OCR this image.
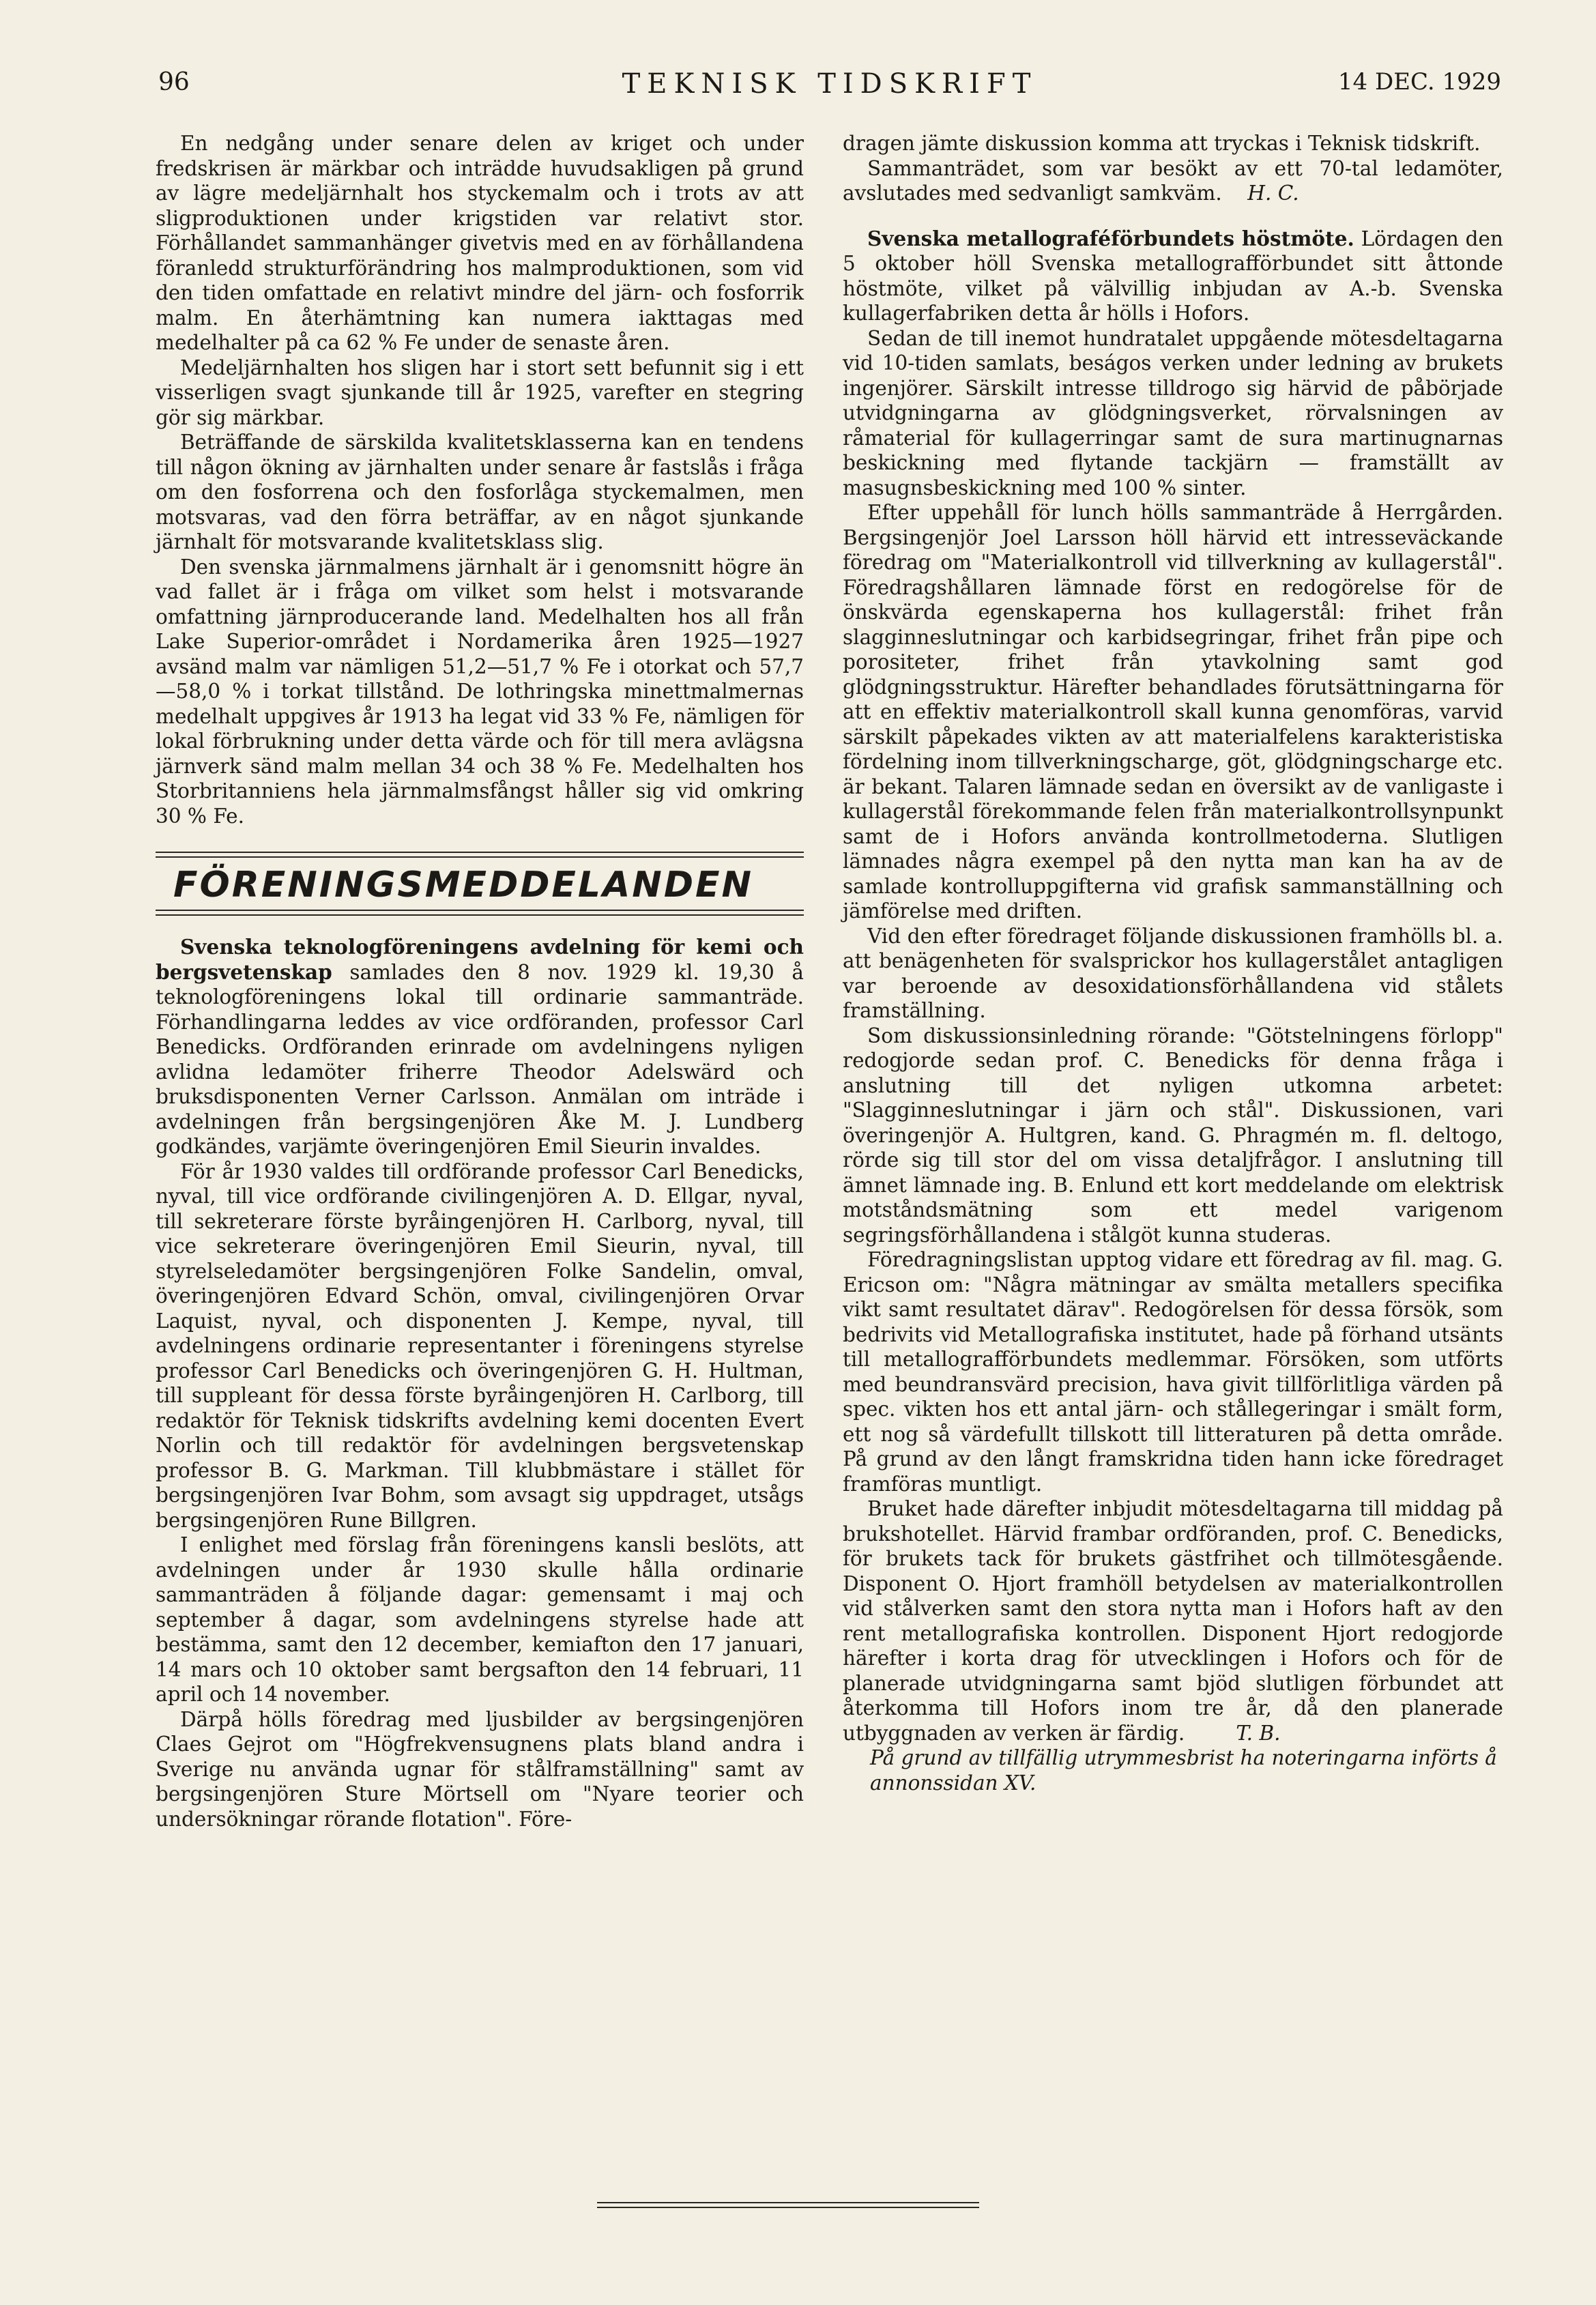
96	TEKNISK TIDSKRIFT	14 DEC. 1929

En nedgång under senare delen av kriget och under fredskrisen är märkbar och inträdde huvudsakligen på grund av lägre medeljärnhalt hos styckemalm och i trots av att sligproduktionen under krigstiden var relativt stor. Förhållandet sammanhänger givetvis med en av förhållandena föranledd strukturförändring hos malmproduktionen, som vid den tiden omfattade en relativt mindre del järn- och fosforrik malm. En återhämtning kan numera iakttagas med medelhalter på ca 62 % Fe under de senaste åren.

Medeljärnhalten hos sligen har i stort sett befunnit sig i ett visserligen svagt sjunkande till år 1925, varefter en stegring gör sig märkbar.

Beträffande de särskilda kvalitetsklasserna kan en tendens till någon ökning av järnhalten under senare år fastslås i fråga om den fosforrena och den fosforlåga styckemalmen, men motsvaras, vad den förra beträffar, av en något sjunkande järnhalt för motsvarande kvalitetsklass slig.

Den svenska järnmalmens järnhalt är i genomsnitt högre än vad fallet är i fråga om vilket som helst i motsvarande omfattning järnproducerande land. Medelhalten hos all från Lake Superior-området i Nordamerika åren 1925—1927 avsänd malm var nämligen 51,2—51,7 % Fe i otorkat och 57,7—58,0 % i torkat tillstånd. De lothringska minettmalmernas medelhalt uppgives år 1913 ha legat vid 33 % Fe, nämligen för lokal förbrukning under detta värde och för till mera avlägsna järnverk sänd malm mellan 34 och 38 % Fe. Medelhalten hos Storbritanniens hela järnmalmsfångst håller sig vid omkring 30 % Fe.

FÖRENINGSMEDDELANDEN

Svenska teknologföreningens avdelning för kemi och bergsvetenskap samlades den 8 nov. 1929 kl. 19,30 å teknologföreningens lokal till ordinarie sammanträde. Förhandlingarna leddes av vice ordföranden, professor Carl Benedicks. Ordföranden erinrade om avdelningens nyligen avlidna ledamöter friherre Theodor Adelswärd och bruksdisponenten Verner Carlsson. Anmälan om inträde i avdelningen från bergsingenjören Åke M. J. Lundberg godkändes, varjämte överingenjören Emil Sieurin invaldes.

För år 1930 valdes till ordförande professor Carl Benedicks, nyval, till vice ordförande civilingenjören A. D. Ellgar, nyval, till sekreterare förste byråingenjören H. Carlborg, nyval, till vice sekreterare överingenjören Emil Sieurin, nyval, till styrelseledamöter bergsingenjören Folke Sandelin, omval, överingenjören Edvard Schön, omval, civilingenjören Orvar Laquist, nyval, och disponenten J. Kempe, nyval, till avdelningens ordinarie representanter i föreningens styrelse professor Carl Benedicks och överingenjören G. H. Hultman, till suppleant för dessa förste byråingenjören H. Carlborg, till redaktör för Teknisk tidskrifts avdelning kemi docenten Evert Norlin och till redaktör för avdelningen bergsvetenskap professor B. G. Markman. Till klubbmästare i stället för bergsingenjören Ivar Bohm, som avsagt sig uppdraget, utsågs bergsingenjören Rune Billgren.

I enlighet med förslag från föreningens kansli beslöts, att avdelningen under år 1930 skulle hålla ordinarie sammanträden å följande dagar: gemensamt i maj och september å dagar, som avdelningens styrelse hade att bestämma, samt den 12 december, kemiafton den 17 januari, 14 mars och 10 oktober samt bergsafton den 14 februari, 11 april och 14 november.

Därpå hölls föredrag med ljusbilder av bergsingenjören Claes Gejrot om "Högfrekvensugnens plats bland andra i Sverige nu använda ugnar för stålframställning" samt av bergsingenjören Sture Mörtsell om "Nyare teorier och undersökningar rörande flotation". Före-

dragen jämte diskussion komma att tryckas i Teknisk tidskrift.

Sammanträdet, som var besökt av ett 70-tal ledamöter, avslutades med sedvanligt samkväm. H. C.

Svenska metallograféförbundets höstmöte. Lördagen den 5 oktober höll Svenska metallografförbundet sitt åttonde höstmöte, vilket på välvillig inbjudan av A.-b. Svenska kullagerfabriken detta år hölls i Hofors.

Sedan de till inemot hundratalet uppgående mötesdeltagarna vid 10-tiden samlats, beságos verken under ledning av brukets ingenjörer. Särskilt intresse tilldrogo sig härvid de påbörjade utvidgningarna av glödgningsverket, rörvalsningen av råmaterial för kullagerringar samt de sura martinugnarnas beskickning med flytande tackjärn — framställt av masugnsbeskickning med 100 % sinter.

Efter uppehåll för lunch hölls sammanträde å Herrgården. Bergsingenjör Joel Larsson höll härvid ett intresseväckande föredrag om "Materialkontroll vid tillverkning av kullagerstål". Föredragshållaren lämnade först en redogörelse för de önskvärda egenskaperna hos kullagerstål: frihet från slagginneslutningar och karbidsegringar, frihet från pipe och porositeter, frihet från ytavkolning samt god glödgningsstruktur. Härefter behandlades förutsättningarna för att en effektiv materialkontroll skall kunna genomföras, varvid särskilt påpekades vikten av att materialfelens karakteristiska fördelning inom tillverkningscharge, göt, glödgningscharge etc. är bekant. Talaren lämnade sedan en översikt av de vanligaste i kullagerstål förekommande felen från materialkontrollsynpunkt samt de i Hofors använda kontrollmetoderna. Slutligen lämnades några exempel på den nytta man kan ha av de samlade kontrolluppgifterna vid grafisk sammanställning och jämförelse med driften.

Vid den efter föredraget följande diskussionen framhölls bl. a. att benägenheten för svalsprickor hos kullagerstålet antagligen var beroende av desoxidationsförhållandena vid stålets framställning.

Som diskussionsinledning rörande: "Götstelningens förlopp" redogjorde sedan prof. C. Benedicks för denna fråga i anslutning till det nyligen utkomna arbetet: "Slagginneslutningar i järn och stål". Diskussionen, vari överingenjör A. Hultgren, kand. G. Phragmén m. fl. deltogo, rörde sig till stor del om vissa detaljfrågor. I anslutning till ämnet lämnade ing. B. Enlund ett kort meddelande om elektrisk motståndsmätning som ett medel varigenom segringsförhållandena i stålgöt kunna studeras.

Föredragningslistan upptog vidare ett föredrag av fil. mag. G. Ericson om: "Några mätningar av smälta metallers specifika vikt samt resultatet därav". Redogörelsen för dessa försök, som bedrivits vid Metallografiska institutet, hade på förhand utsänts till metallografförbundets medlemmar. Försöken, som utförts med beundransvärd precision, hava givit tillförlitliga värden på spec. vikten hos ett antal järn- och stållegeringar i smält form, ett nog så värdefullt tillskott till litteraturen på detta område. På grund av den långt framskridna tiden hann icke föredraget framföras muntligt.

Bruket hade därefter inbjudit mötesdeltagarna till middag på brukshotellet. Härvid frambar ordföranden, prof. C. Benedicks, för brukets tack för brukets gästfrihet och tillmötesgående. Disponent O. Hjort framhöll betydelsen av materialkontrollen vid stålverken samt den stora nytta man i Hofors haft av den rent metallografiska kontrollen. Disponent Hjort redogjorde härefter i korta drag för utvecklingen i Hofors och för de planerade utvidgningarna samt bjöd slutligen förbundet att återkomma till Hofors inom tre år, då den planerade utbyggnaden av verken är färdig.	T. B.

På grund av tillfällig utrymmesbrist ha noteringarna införts å annonssidan XV.
